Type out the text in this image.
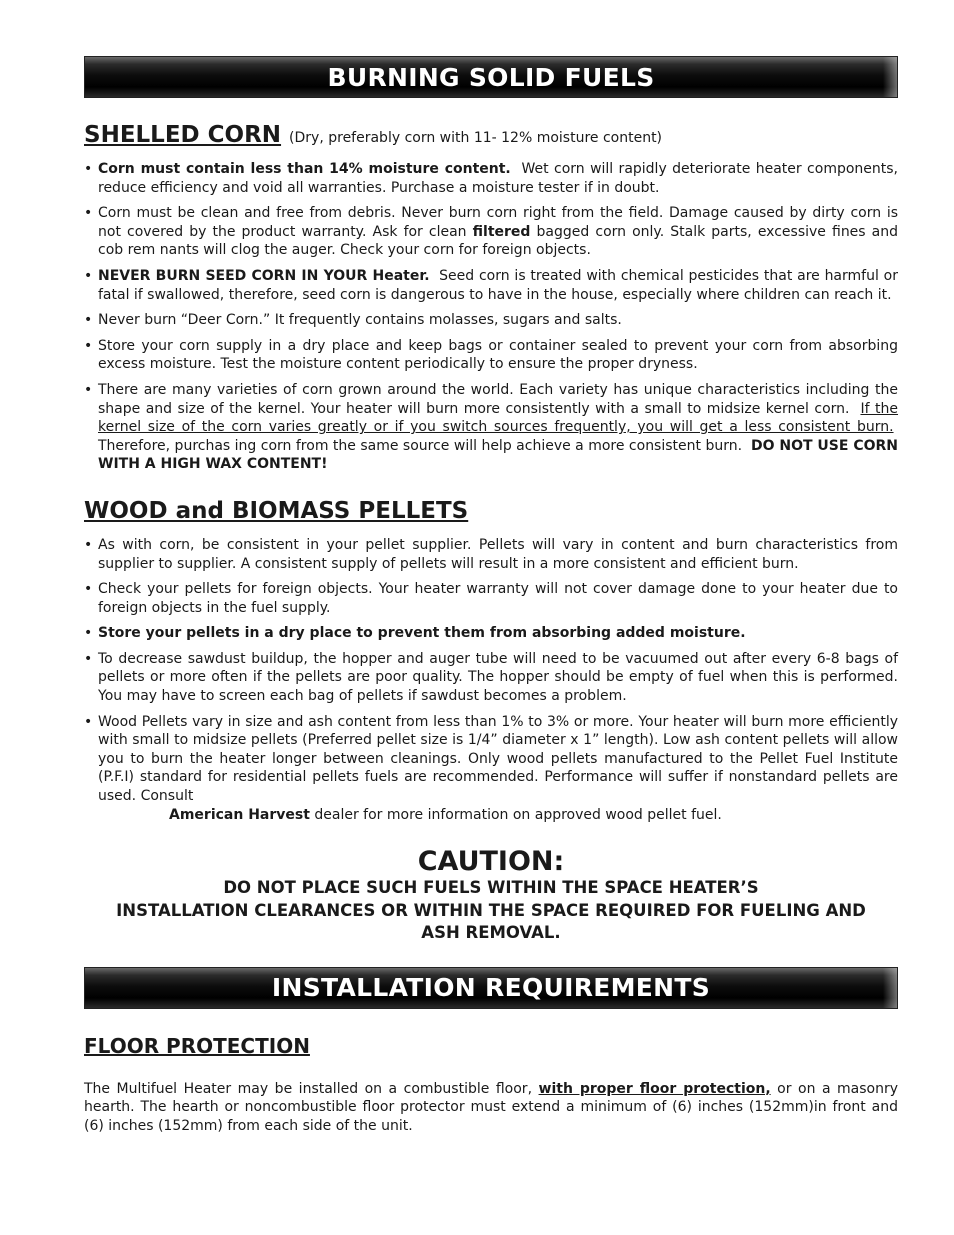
BURNING SOLID FUELS
SHELLED CORN (Dry, preferably corn with 11- 12% moisture content)
• Corn must contain less than 14% moisture content. Wet corn will rapidly deteriorate heater components, reduce efficiency and void all warranties. Purchase a moisture tester if in doubt.
• Corn must be clean and free from debris. Never burn corn right from the field. Damage caused by dirty corn is not covered by the product warranty. Ask for clean filtered bagged corn only. Stalk parts, excessive fines and cob rem nants will clog the auger. Check your corn for foreign objects.
• NEVER BURN SEED CORN IN YOUR Heater. Seed corn is treated with chemical pesticides that are harmful or fatal if swallowed, therefore, seed corn is dangerous to have in the house, especially where children can reach it.
• Never burn “Deer Corn.” It frequently contains molasses, sugars and salts.
• Store your corn supply in a dry place and keep bags or container sealed to prevent your corn from absorbing excess moisture. Test the moisture content periodically to ensure the proper dryness.
• There are many varieties of corn grown around the world. Each variety has unique characteristics including the shape and size of the kernel. Your heater will burn more consistently with a small to midsize kernel corn. If the kernel size of the corn varies greatly or if you switch sources frequently, you will get a less consistent burn.  Therefore, purchas ing corn from the same source will help achieve a more consistent burn. DO NOT USE CORN WITH A HIGH WAX CONTENT!
WOOD and BIOMASS PELLETS
• As with corn, be consistent in your pellet supplier. Pellets will vary in content and burn characteristics from supplier to supplier. A consistent supply of pellets will result in a more consistent and efficient burn.
• Check your pellets for foreign objects. Your heater warranty will not cover damage done to your heater due to foreign objects in the fuel supply.
• Store your pellets in a dry place to prevent them from absorbing added moisture.
• To decrease sawdust buildup, the hopper and auger tube will need to be vacuumed out after every 6-8 bags of pellets or more often if the pellets are poor quality. The hopper should be empty of fuel when this is performed. You may have to screen each bag of pellets if sawdust becomes a problem.
• Wood Pellets vary in size and ash content from less than 1% to 3% or more. Your heater will burn more efficiently with small to midsize pellets (Preferred pellet size is 1/4” diameter x 1” length). Low ash content pellets will allow you to burn the heater longer between cleanings. Only wood pellets manufactured to the Pellet Fuel Institute (P.F.I) standard for residential pellets fuels are recommended. Performance will suffer if nonstandard pellets are used. Consult
American Harvest dealer for more information on approved wood pellet fuel.
CAUTION:
DO NOT PLACE SUCH FUELS WITHIN THE SPACE HEATER’S
INSTALLATION CLEARANCES OR WITHIN THE SPACE REQUIRED FOR FUELING AND
ASH REMOVAL.
INSTALLATION REQUIREMENTS
FLOOR PROTECTION

The Multifuel Heater may be installed on a combustible floor, with proper floor protection, or on a masonry hearth. The hearth or noncombustible floor protector must extend a minimum of (6) inches (152mm)in front and (6) inches (152mm) from each side of the unit.
